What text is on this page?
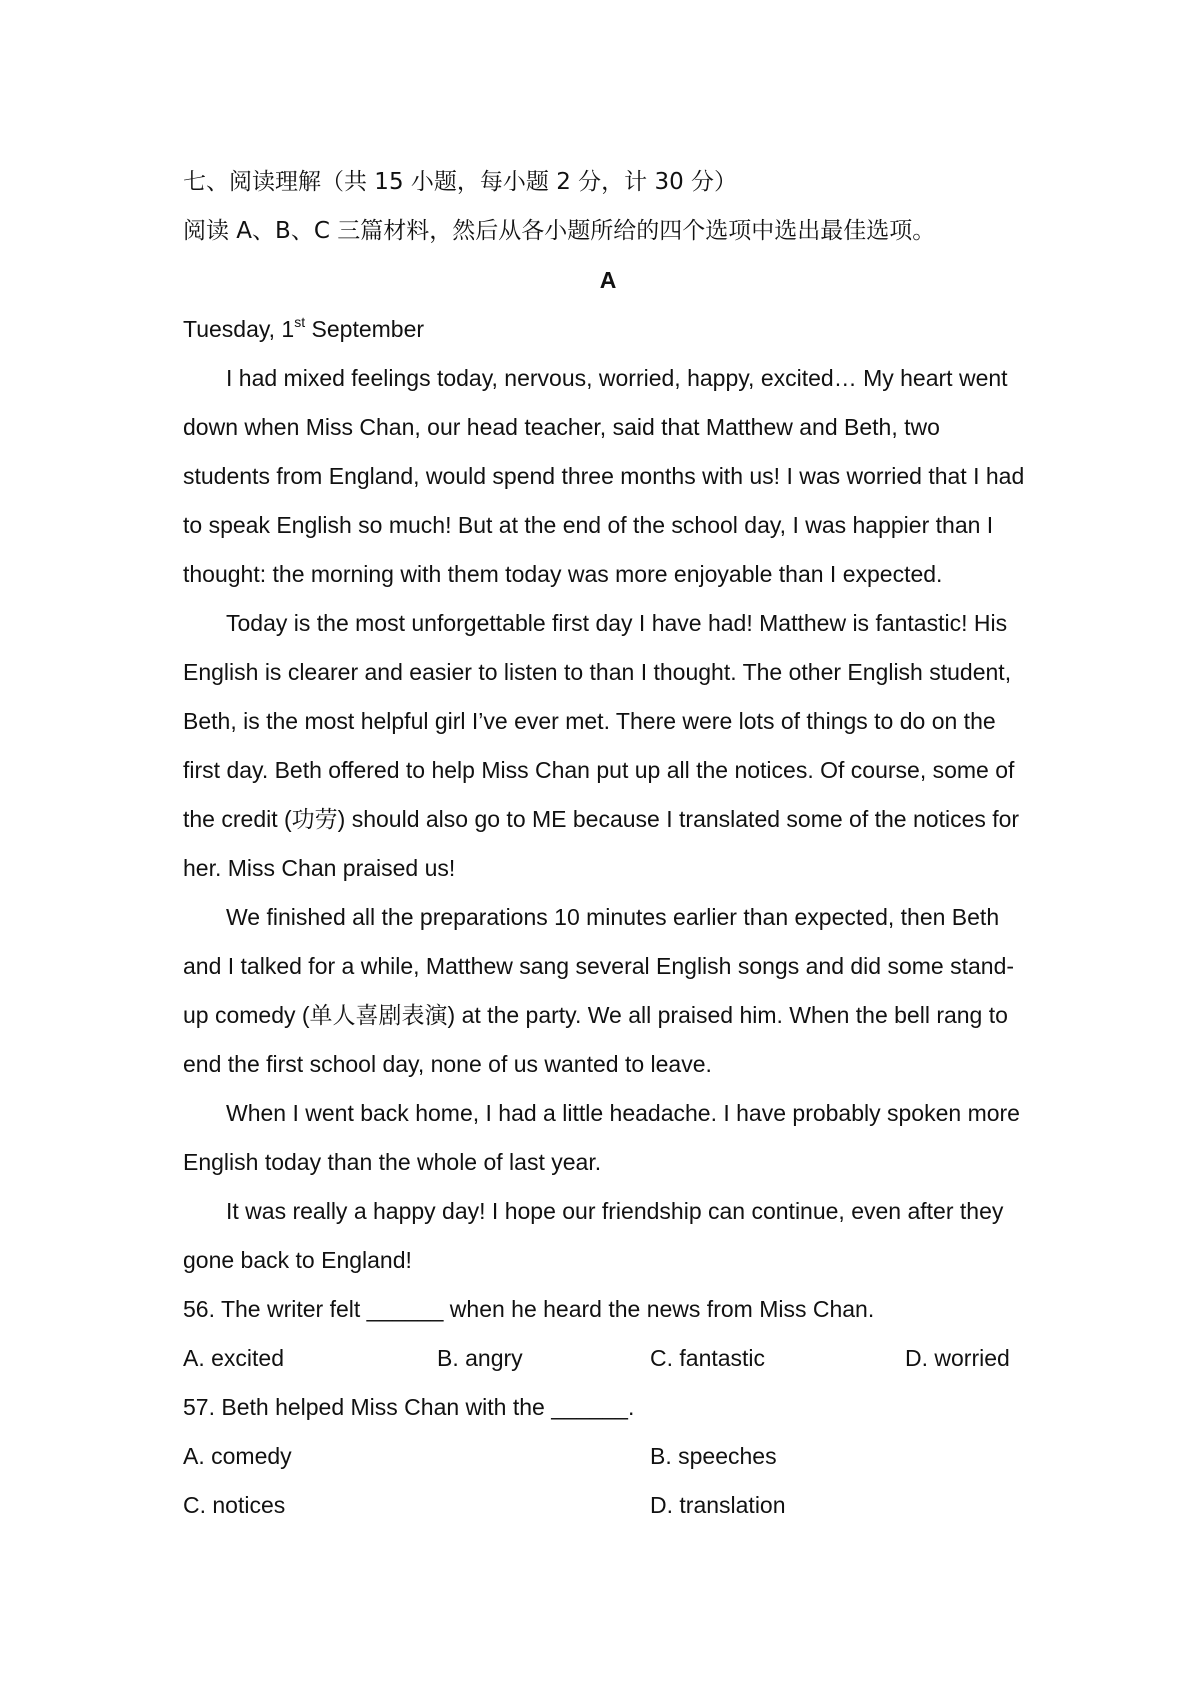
七、阅读理解（共 15 小题，每小题 2 分，计 30 分）
阅读 A、B、C 三篇材料，然后从各小题所给的四个选项中选出最佳选项。
A
Tuesday, 1st September

I had mixed feelings today, nervous, worried, happy, excited… My heart went down when Miss Chan, our head teacher, said that Matthew and Beth, two students from England, would spend three months with us! I was worried that I had to speak English so much! But at the end of the school day, I was happier than I thought: the morning with them today was more enjoyable than I expected.

Today is the most unforgettable first day I have had! Matthew is fantastic! His English is clearer and easier to listen to than I thought. The other English student, Beth, is the most helpful girl I’ve ever met. There were lots of things to do on the first day. Beth offered to help Miss Chan put up all the notices. Of course, some of the credit (功劳) should also go to ME because I translated some of the notices for her. Miss Chan praised us!

We finished all the preparations 10 minutes earlier than expected, then Beth and I talked for a while, Matthew sang several English songs and did some stand-up comedy (单人喜剧表演) at the party. We all praised him. When the bell rang to end the first school day, none of us wanted to leave.

When I went back home, I had a little headache. I have probably spoken more English today than the whole of last year.

It was really a happy day! I hope our friendship can continue, even after they gone back to England!

56. The writer felt ______ when he heard the news from Miss Chan.
A. excited	B. angry	C. fantastic	D. worried
57. Beth helped Miss Chan with the ______.
A. comedy	B. speeches
C. notices	D. translation
